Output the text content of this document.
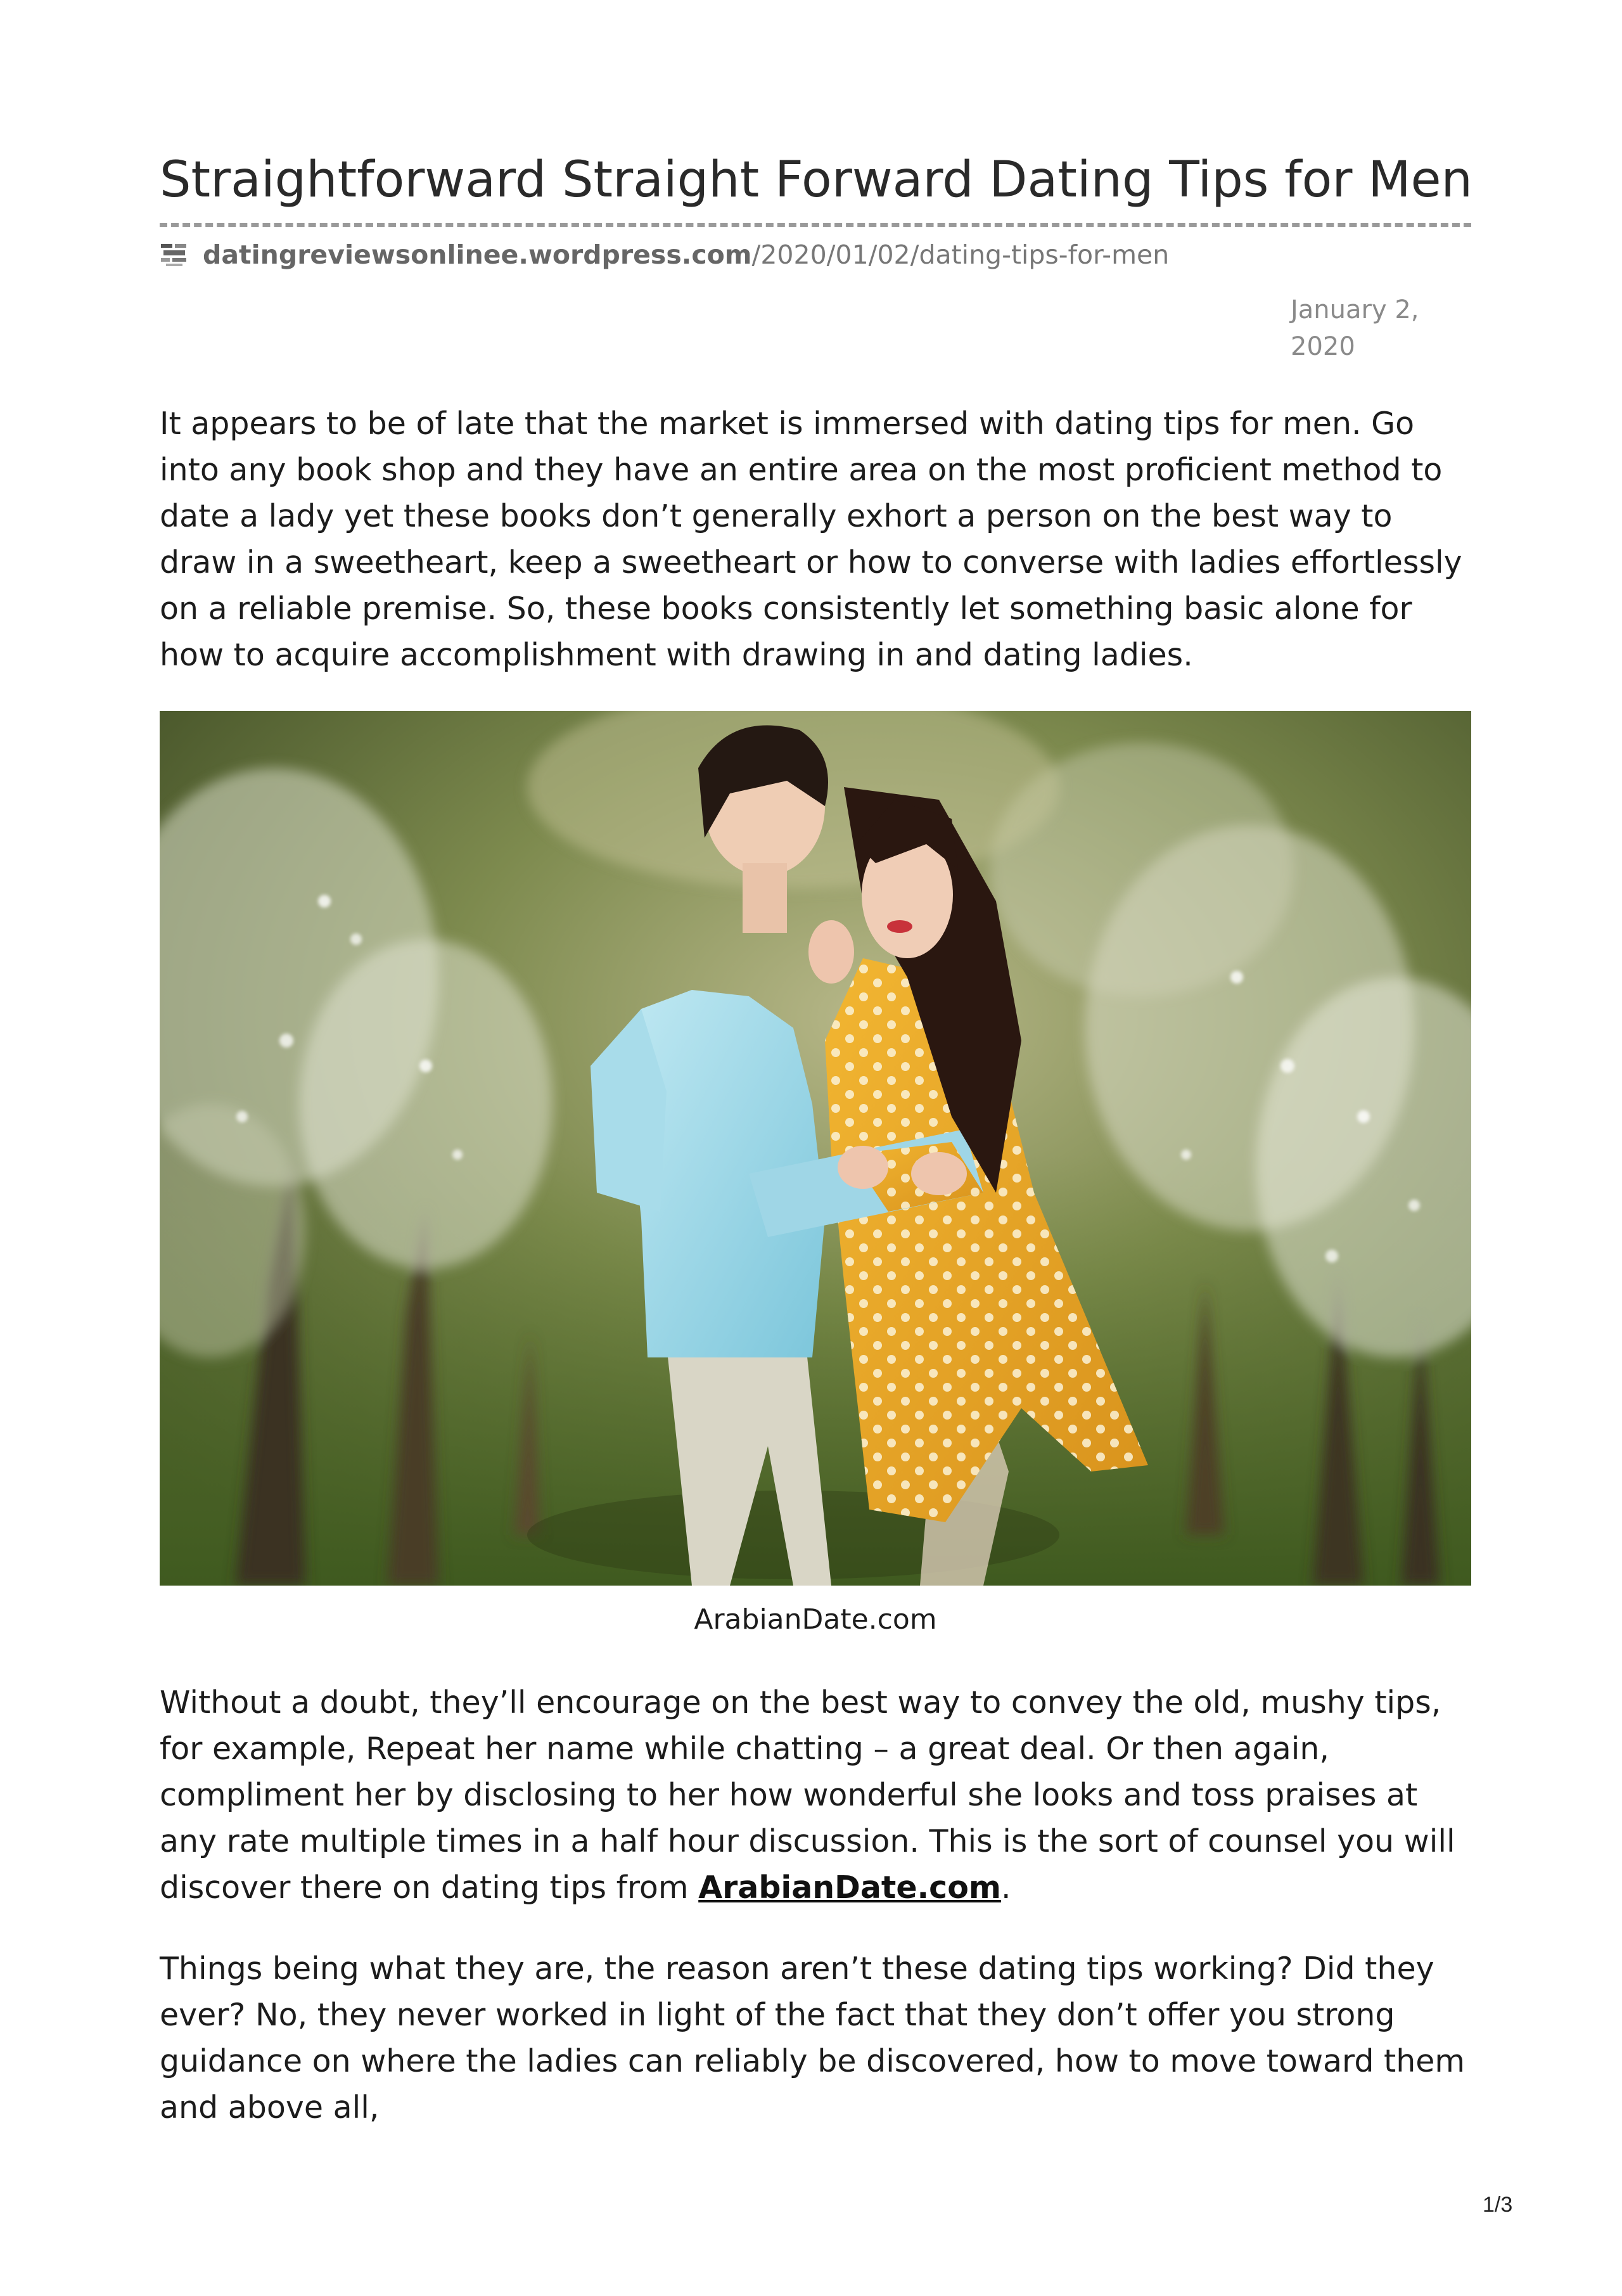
Straightforward Straight Forward Dating Tips for Men
datingreviewsonlinee.wordpress.com /2020/01/02/dating-tips-for-men
January 2, 2020

It appears to be of late that the market is immersed with dating tips for men. Go into any book shop and they have an entire area on the most proficient method to date a lady yet these books don’t generally exhort a person on the best way to draw in a sweetheart, keep a sweetheart or how to converse with ladies effortlessly on a reliable premise. So, these books consistently let something basic alone for how to acquire accomplishment with drawing in and dating ladies.

ArabianDate.com

Without a doubt, they’ll encourage on the best way to convey the old, mushy tips, for example, Repeat her name while chatting – a great deal. Or then again, compliment her by disclosing to her how wonderful she looks and toss praises at any rate multiple times in a half hour discussion. This is the sort of counsel you will discover there on dating tips from ArabianDate.com.

Things being what they are, the reason aren’t these dating tips working? Did they ever? No, they never worked in light of the fact that they don’t offer you strong guidance on where the ladies can reliably be discovered, how to move toward them and above all,

1/3
